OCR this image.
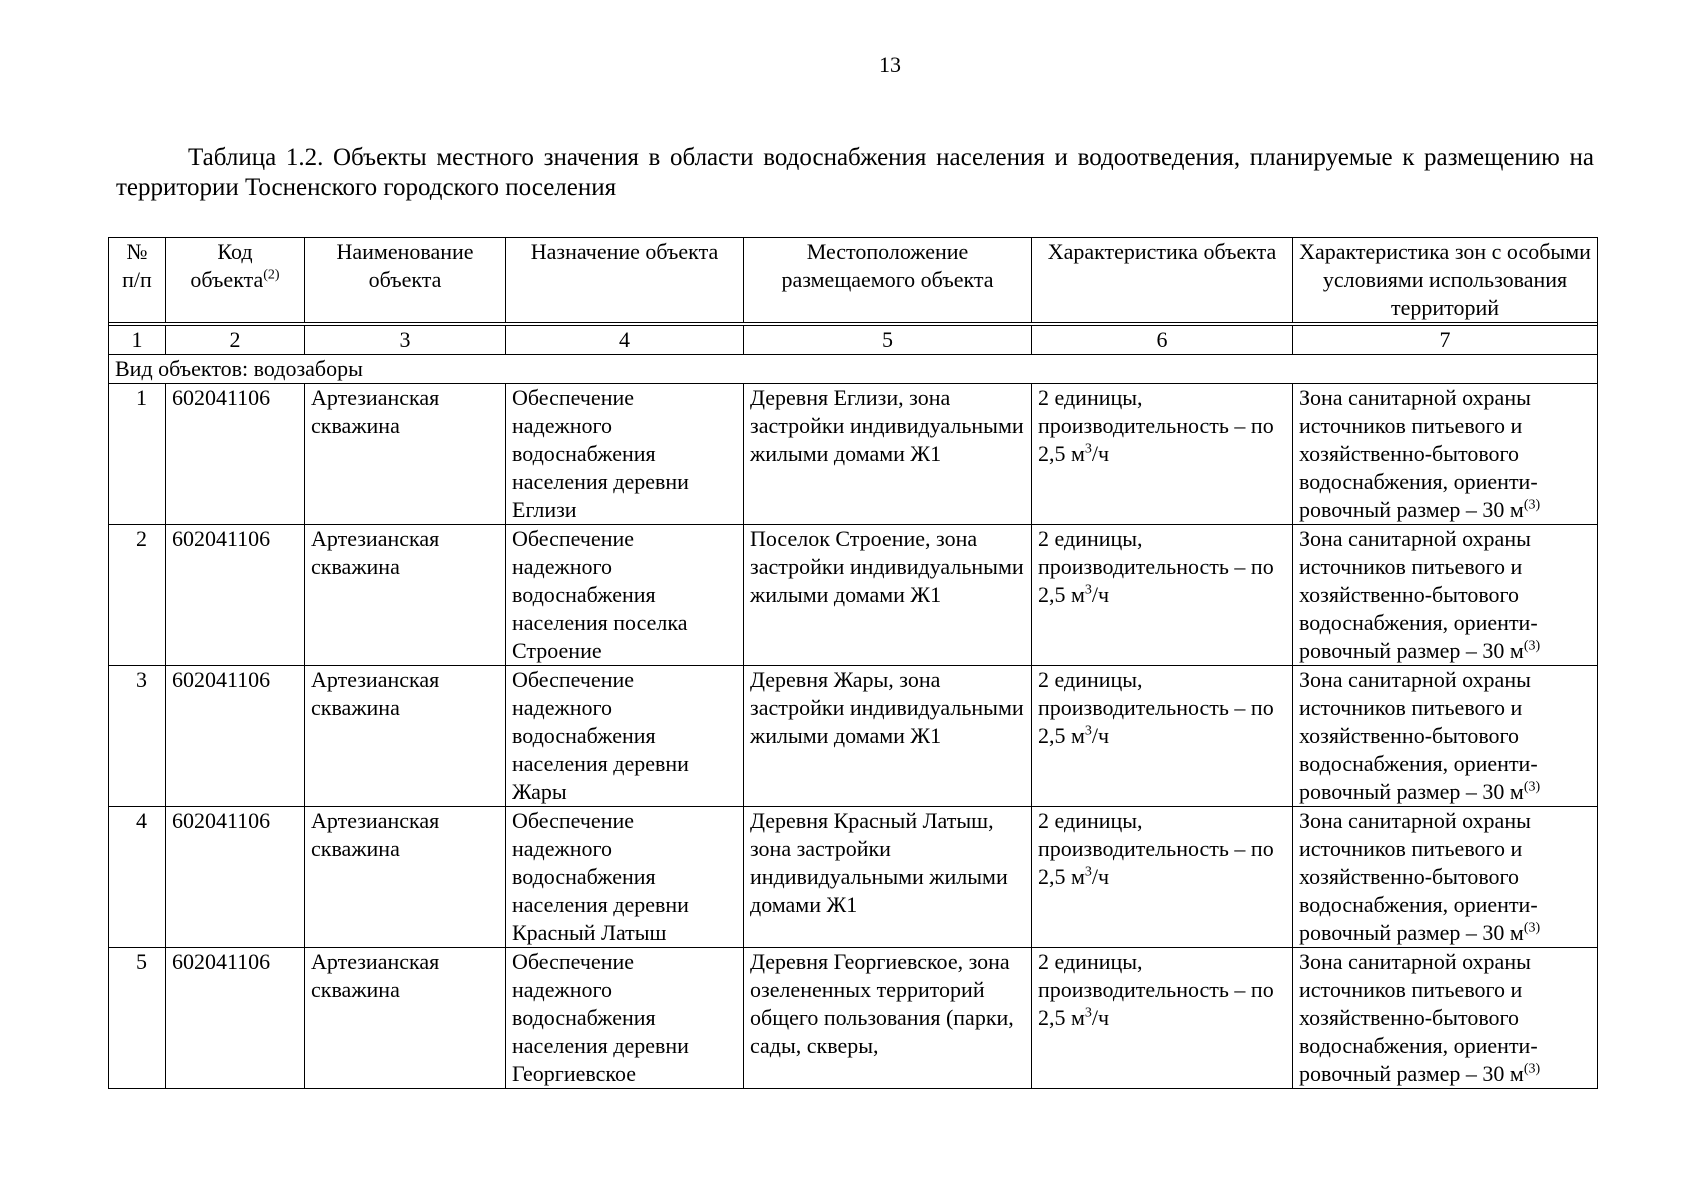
13
Таблица 1.2. Объекты местного значения в области водоснабжения населения и водоотведения, планируемые к размещению на территории Тосненского городского поселения
№ п/п	Код объекта$^{(2)}$	Наименование объекта	Назначение объекта	Местоположение размещаемого объекта	Характеристика объекта	Характеристика зон с особыми условиями использования территорий

1	2	3	4	5	6	7
Вид объектов: водозаборы						
1	602041106	Артезианская скважина	Обеспечение надежного водоснабжения населения деревни Еглизи	Деревня Еглизи, зона застройки индивидуальными жилыми домами Ж1	2 единицы, производительность – по 2,5 $м^3/ч$	Зона санитарной охраны источников питьевого и хозяйственно-бытового водоснабжения, ориенти-ровочный размер – 30 $м^{(3)}$
2	602041106	Артезианская скважина	Обеспечение надежного водоснабжения населения поселка Строение	Поселок Строение, зона застройки индивидуальными жилыми домами Ж1	2 единицы, производительность – по 2,5 $м^3/ч$	Зона санитарной охраны источников питьевого и хозяйственно-бытового водоснабжения, ориенти-ровочный размер – 30 $м^{(3)}$
3	602041106	Артезианская скважина	Обеспечение надежного водоснабжения населения деревни Жары	Деревня Жары, зона застройки индивидуальными жилыми домами Ж1	2 единицы, производительность – по 2,5 $м^3/ч$	Зона санитарной охраны источников питьевого и хозяйственно-бытового водоснабжения, ориенти-ровочный размер – 30 $м^{(3)}$
4	602041106	Артезианская скважина	Обеспечение надежного водоснабжения населения деревни Красный Латыш	Деревня Красный Латыш, зона застройки индивидуальными жилыми домами Ж1	2 единицы, производительность – по 2,5 $м^3/ч$	Зона санитарной охраны источников питьевого и хозяйственно-бытового водоснабжения, ориенти-ровочный размер – 30 $м^{(3)}$
5	602041106	Артезианская скважина	Обеспечение надежного водоснабжения населения деревни Георгиевское	Деревня Георгиевское, зона озелененных территорий общего пользования (парки, сады, скверы,	2 единицы, производительность – по 2,5 $м^3/ч$	Зона санитарной охраны источников питьевого и хозяйственно-бытового водоснабжения, ориенти-ровочный размер – 30 $м^{(3)}$
